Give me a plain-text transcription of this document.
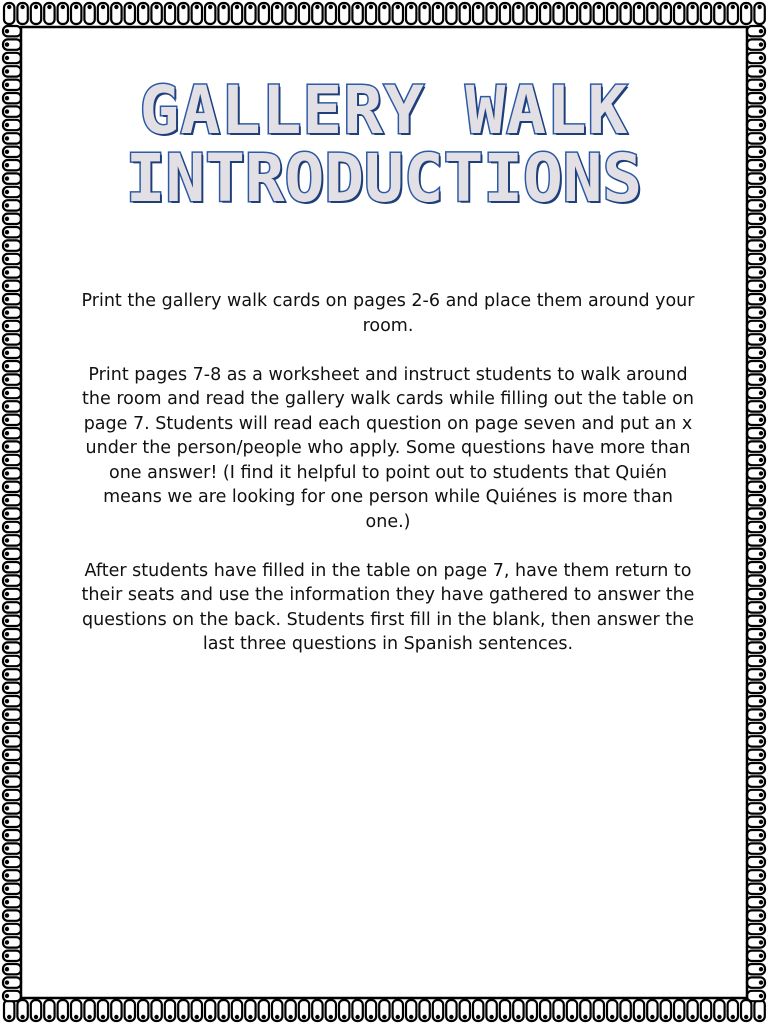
GALLERY WALK
INTRODUCTIONS

Print the gallery walk cards on pages 2-6 and place them around your room.

Print pages 7-8 as a worksheet and instruct students to walk around the room and read the gallery walk cards while filling out the table on page 7. Students will read each question on page seven and put an x under the person/people who apply. Some questions have more than one answer! (I find it helpful to point out to students that Quién means we are looking for one person while Quiénes is more than one.)

After students have filled in the table on page 7, have them return to their seats and use the information they have gathered to answer the questions on the back. Students first fill in the blank, then answer the last three questions in Spanish sentences.
